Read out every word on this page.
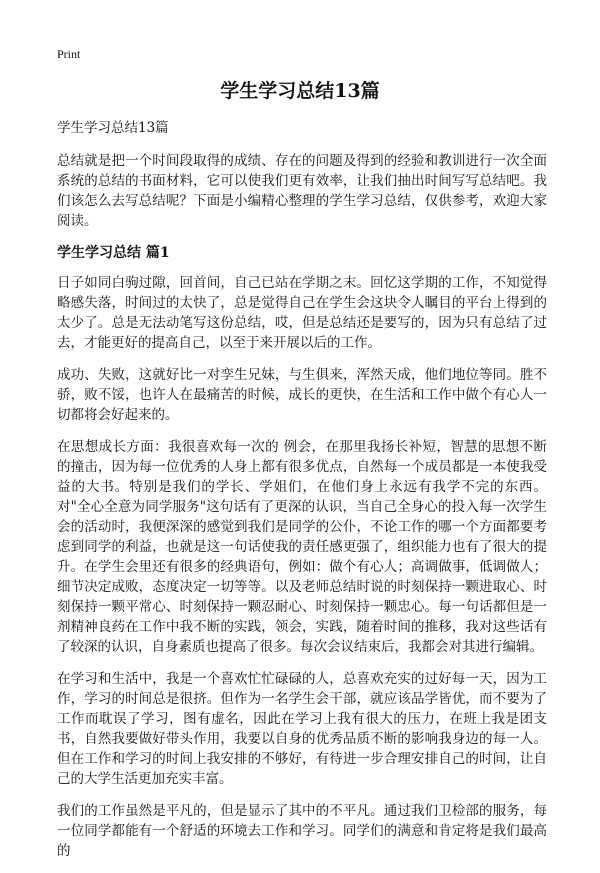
Print
学生学习总结13篇

学生学习总结13篇

总结就是把一个时间段取得的成绩、存在的问题及得到的经验和教训进行一次全面系统的总结的书面材料，它可以使我们更有效率，让我们抽出时间写写总结吧。我们该怎么去写总结呢？下面是小编精心整理的学生学习总结，仅供参考，欢迎大家阅读。

学生学习总结 篇1

日子如同白驹过隙，回首间，自己已站在学期之末。回忆这学期的工作，不知觉得略感失落，时间过的太快了，总是觉得自己在学生会这块令人瞩目的平台上得到的太少了。总是无法动笔写这份总结，哎，但是总结还是要写的，因为只有总结了过去，才能更好的提高自己，以至于来开展以后的工作。

成功、失败，这就好比一对孪生兄妹，与生俱来，浑然天成，他们地位等同。胜不骄，败不馁，也许人在最痛苦的时候，成长的更快，在生活和工作中做个有心人一切都将会好起来的。

在思想成长方面：我很喜欢每一次的 例会，在那里我扬长补短，智慧的思想不断的撞击，因为每一位优秀的人身上都有很多优点，自然每一个成员都是一本使我受益的大书。特别是我们的学长、学姐们，在他们身上永远有我学不完的东西。对"全心全意为同学服务"这句话有了更深的认识，当自己全身心的投入每一次学生会的活动时，我便深深的感觉到我们是同学的公仆，不论工作的哪一个方面都要考虑到同学的利益，也就是这一句话使我的责任感更强了，组织能力也有了很大的提升。在学生会里还有很多的经典语句，例如：做个有心人；高调做事，低调做人；细节决定成败，态度决定一切等等。以及老师总结时说的时刻保持一颗进取心、时刻保持一颗平常心、时刻保持一颗忍耐心、时刻保持一颗忠心。每一句话都但是一剂精神良药在工作中我不断的实践，领会，实践，随着时间的推移，我对这些话有了较深的认识，自身素质也提高了很多。每次会议结束后，我都会对其进行编辑。

在学习和生活中，我是一个喜欢忙忙碌碌的人，总喜欢充实的过好每一天，因为工作，学习的时间总是很挤。但作为一名学生会干部，就应该品学皆优，而不要为了工作而耽误了学习，图有虚名，因此在学习上我有很大的压力，在班上我是团支书，自然我要做好带头作用，我要以自身的优秀品质不断的影响我身边的每一人。但在工作和学习的时间上我安排的不够好，有待进一步合理安排自己的时间，让自己的大学生活更加充实丰富。

我们的工作虽然是平凡的，但是显示了其中的不平凡。通过我们卫检部的服务，每一位同学都能有一个舒适的环境去工作和学习。同学们的满意和肯定将是我们最高的
